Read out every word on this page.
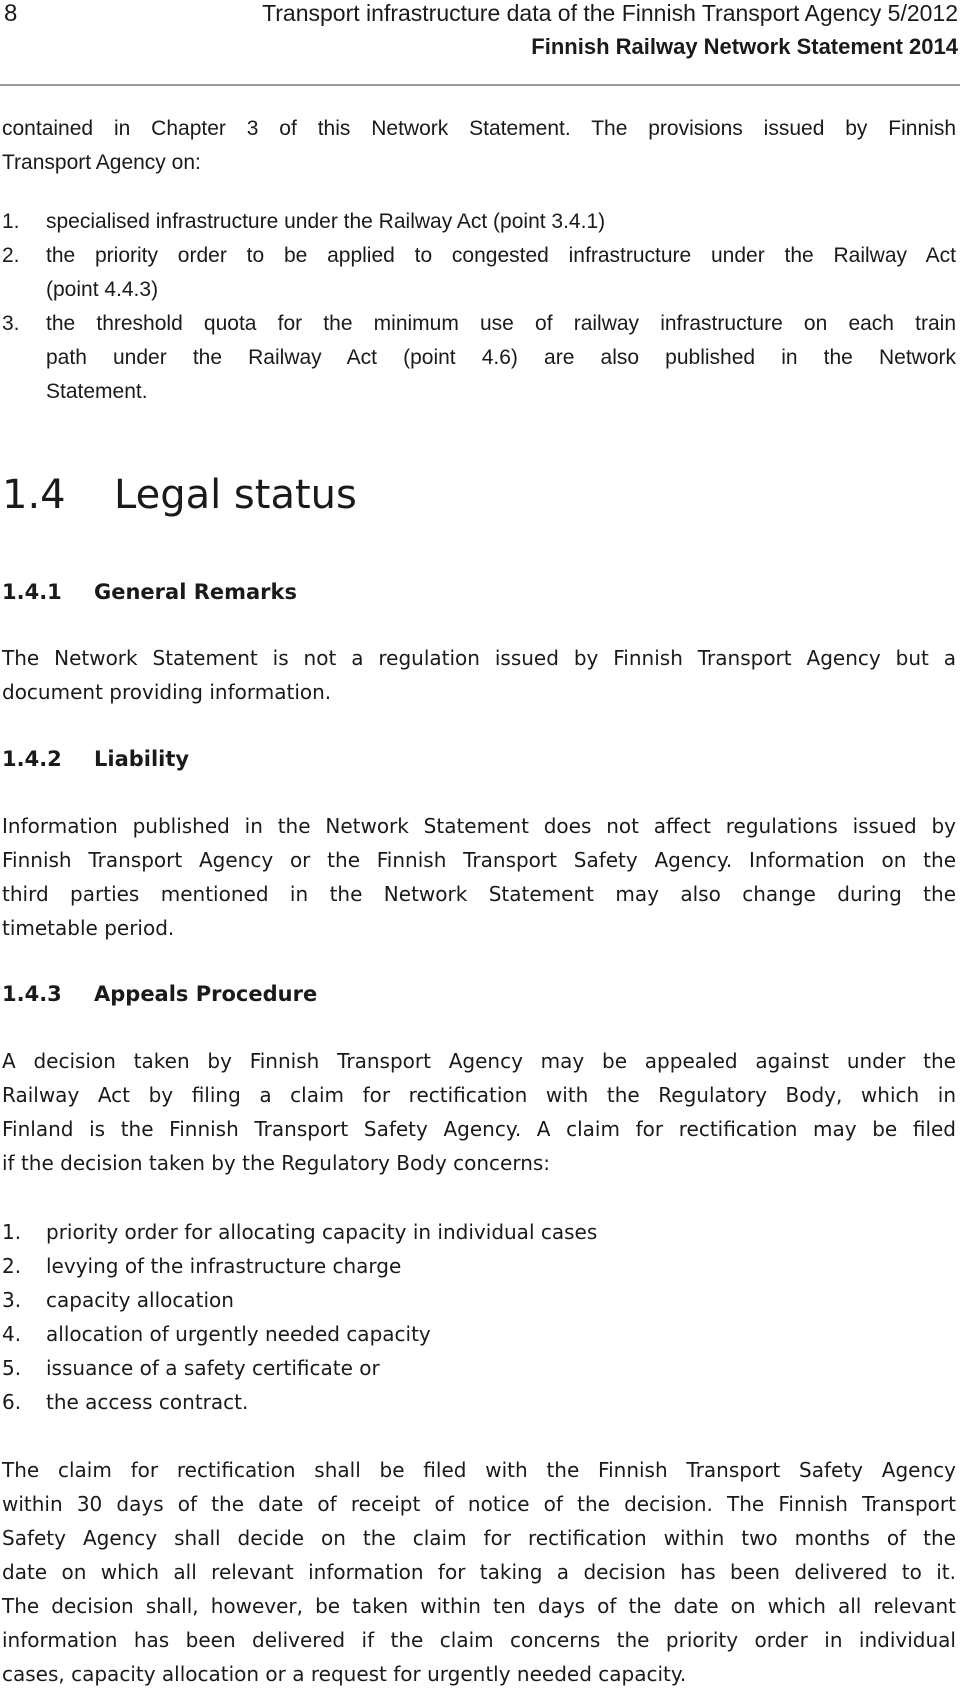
8	Transport infrastructure data of the Finnish Transport Agency 5/2012
Finnish Railway Network Statement 2014
contained in Chapter 3 of this Network Statement. The provisions issued by Finnish
Transport Agency on:
1. specialised infrastructure under the Railway Act (point 3.4.1)
2. the priority order to be applied to congested infrastructure under the Railway Act
(point 4.4.3)
3. the threshold quota for the minimum use of railway infrastructure on each train
path under the Railway Act (point 4.6) are also published in the Network
Statement.
1.4 Legal status
1.4.1 General Remarks
The Network Statement is not a regulation issued by Finnish Transport Agency but a
document providing information.
1.4.2 Liability
Information published in the Network Statement does not affect regulations issued by
Finnish Transport Agency or the Finnish Transport Safety Agency. Information on the
third parties mentioned in the Network Statement may also change during the
timetable period.
1.4.3 Appeals Procedure
A decision taken by Finnish Transport Agency may be appealed against under the
Railway Act by filing a claim for rectification with the Regulatory Body, which in
Finland is the Finnish Transport Safety Agency. A claim for rectification may be filed
if the decision taken by the Regulatory Body concerns:
1. priority order for allocating capacity in individual cases
2. levying of the infrastructure charge
3. capacity allocation
4. allocation of urgently needed capacity
5. issuance of a safety certificate or
6. the access contract.
The claim for rectification shall be filed with the Finnish Transport Safety Agency
within 30 days of the date of receipt of notice of the decision. The Finnish Transport
Safety Agency shall decide on the claim for rectification within two months of the
date on which all relevant information for taking a decision has been delivered to it.
The decision shall, however, be taken within ten days of the date on which all relevant
information has been delivered if the claim concerns the priority order in individual
cases, capacity allocation or a request for urgently needed capacity.
